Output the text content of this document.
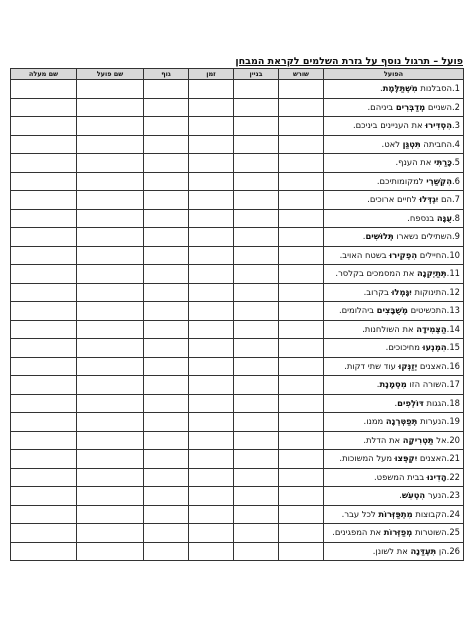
פועל – תרגול נוסף על גזרת השלמים לקראת המבחן
הפועל	שורש	בניין	זמן	גוף	שם פועל	שם מעלה
1.הסבלנות מִשְׁתַּלֶּמֶת.						
2.השניים מְדַבְּרִים ביניהם.						
3.הִסְדִּירוּ את העניינים ביניכם.						
4.החביתה תִּטְגַּן לאט.						
5.כָּרַתִּי את הענף.						
6.הִקְשַׁרְי למקומותיכם.						
7.הם יִגְדְּלוּ לחיים ארוכים.						
8.עֻנָּה בנספח.						
9.השתילים נשארו תְּלוּשִׁים.						
10.החיילים הִפְקִירוּ בשטח האויב.						
11.תְּתַיְקִנָה את המסמכים בקלסר.						
12.התינוקות יִגָּמְלוּ בקרוב.						
13.התכשיטים מְשֻׁבָּצִים ביהלומים.						
14.הַצְּמִידָה את השולחנות.						
15.הִמְנְעוּ מחיכוכים.						
16.האצנים יְזַנְּקוּ עוד שתי דקות.						
17.השורה הזו מִסְמֶנֶת.						
18.הגגות דּוֹלְפִים.						
19.הנערות תְּפַטְּרְנָה ממנו.						
20.אל תַּטְרִיקָה את הדלת.						
21.האצנים יִקְפְּצוּ מעל המשוכות.						
22.הָדִינוּ בבית המשפט.						
23.הנער הִטְעִשׁ.						
24.הקבוצות מִתְפַּזְּרוֹת לכל עבר.						
25.השוטרות מְפַזְּרוֹת את המפגינים.						
26.הן תִּעְדַּנָה את לשונן.						
